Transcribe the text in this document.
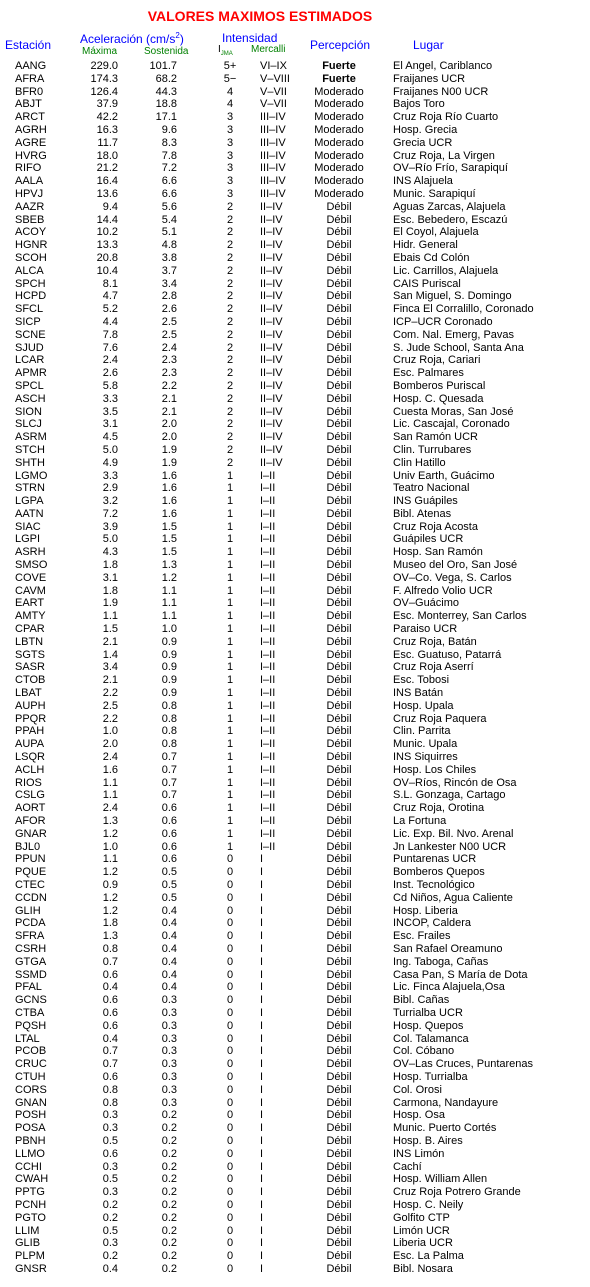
VALORES MAXIMOS ESTIMADOS
Estación Aceleración $(cm/s^2)$
Máxima	Sostenida
Intensidad
$I_{JMA}$ Mercalli Percepción	Lugar
AANG	229.0	101.7	5+	VI–IX	Fuerte	El Angel, Cariblanco
AFRA	174.3	68.2	5−	V–VIII	Fuerte	Fraijanes UCR
BFR0	126.4	44.3	4	V–VII	Moderado	Fraijanes N00 UCR
ABJT	37.9	18.8	4	V–VII	Moderado	Bajos Toro
ARCT	42.2	17.1	3	III–IV	Moderado	Cruz Roja Río Cuarto
AGRH	16.3	9.6	3	III–IV	Moderado	Hosp. Grecia
AGRE	11.7	8.3	3	III–IV	Moderado	Grecia UCR
HVRG	18.0	7.8	3	III–IV	Moderado	Cruz Roja, La Virgen
RIFO	21.2	7.2	3	III–IV	Moderado	OV–Río Frío, Sarapiquí
AALA	16.4	6.6	3	III–IV	Moderado	INS Alajuela
HPVJ	13.6	6.6	3	III–IV	Moderado	Munic. Sarapiquí
AAZR	9.4	5.6	2	II–IV	Débil	Aguas Zarcas, Alajuela
SBEB	14.4	5.4	2	II–IV	Débil	Esc. Bebedero, Escazú
ACOY	10.2	5.1	2	II–IV	Débil	El Coyol, Alajuela
HGNR	13.3	4.8	2	II–IV	Débil	Hidr. General
SCOH	20.8	3.8	2	II–IV	Débil	Ebais Cd Colón
ALCA	10.4	3.7	2	II–IV	Débil	Lic. Carrillos, Alajuela
SPCH	8.1	3.4	2	II–IV	Débil	CAIS Puriscal
HCPD	4.7	2.8	2	II–IV	Débil	San Miguel, S. Domingo
SFCL	5.2	2.6	2	II–IV	Débil	Finca El Corralillo, Coronado
SICP	4.4	2.5	2	II–IV	Débil	ICP–UCR Coronado
SCNE	7.8	2.5	2	II–IV	Débil	Com. Nal. Emerg, Pavas
SJUD	7.6	2.4	2	II–IV	Débil	S. Jude School, Santa Ana
LCAR	2.4	2.3	2	II–IV	Débil	Cruz Roja, Cariari
APMR	2.6	2.3	2	II–IV	Débil	Esc. Palmares
SPCL	5.8	2.2	2	II–IV	Débil	Bomberos Puriscal
ASCH	3.3	2.1	2	II–IV	Débil	Hosp. C. Quesada
SION	3.5	2.1	2	II–IV	Débil	Cuesta Moras, San José
SLCJ	3.1	2.0	2	II–IV	Débil	Lic. Cascajal, Coronado
ASRM	4.5	2.0	2	II–IV	Débil	San Ramón UCR
STCH	5.0	1.9	2	II–IV	Débil	Clin. Turrubares
SHTH	4.9	1.9	2	II–IV	Débil	Clin Hatillo
LGMO	3.3	1.6	1	I–II	Débil	Univ Earth, Guácimo
STRN	2.9	1.6	1	I–II	Débil	Teatro Nacional
LGPA	3.2	1.6	1	I–II	Débil	INS Guápiles
AATN	7.2	1.6	1	I–II	Débil	Bibl. Atenas
SIAC	3.9	1.5	1	I–II	Débil	Cruz Roja Acosta
LGPI	5.0	1.5	1	I–II	Débil	Guápiles UCR
ASRH	4.3	1.5	1	I–II	Débil	Hosp. San Ramón
SMSO	1.8	1.3	1	I–II	Débil	Museo del Oro, San José
COVE	3.1	1.2	1	I–II	Débil	OV–Co. Vega, S. Carlos
CAVM	1.8	1.1	1	I–II	Débil	F. Alfredo Volio UCR
EART	1.9	1.1	1	I–II	Débil	OV–Guácimo
AMTY	1.1	1.1	1	I–II	Débil	Esc. Monterrey, San Carlos
CPAR	1.5	1.0	1	I–II	Débil	Paraiso UCR
LBTN	2.1	0.9	1	I–II	Débil	Cruz Roja, Batán
SGTS	1.4	0.9	1	I–II	Débil	Esc. Guatuso, Patarrá
SASR	3.4	0.9	1	I–II	Débil	Cruz Roja Aserrí
CTOB	2.1	0.9	1	I–II	Débil	Esc. Tobosi
LBAT	2.2	0.9	1	I–II	Débil	INS Batán
AUPH	2.5	0.8	1	I–II	Débil	Hosp. Upala
PPQR	2.2	0.8	1	I–II	Débil	Cruz Roja Paquera
PPAH	1.0	0.8	1	I–II	Débil	Clin. Parrita
AUPA	2.0	0.8	1	I–II	Débil	Munic. Upala
LSQR	2.4	0.7	1	I–II	Débil	INS Siquirres
ACLH	1.6	0.7	1	I–II	Débil	Hosp. Los Chiles
RIOS	1.1	0.7	1	I–II	Débil	OV–Ríos, Rincón de Osa
CSLG	1.1	0.7	1	I–II	Débil	S.L. Gonzaga, Cartago
AORT	2.4	0.6	1	I–II	Débil	Cruz Roja, Orotina
AFOR	1.3	0.6	1	I–II	Débil	La Fortuna
GNAR	1.2	0.6	1	I–II	Débil	Lic. Exp. Bil. Nvo. Arenal
BJL0	1.0	0.6	1	I–II	Débil	Jn Lankester N00 UCR
PPUN	1.1	0.6	0	I	Débil	Puntarenas UCR
PQUE	1.2	0.5	0	I	Débil	Bomberos Quepos
CTEC	0.9	0.5	0	I	Débil	Inst. Tecnológico
CCDN	1.2	0.5	0	I	Débil	Cd Niños, Agua Caliente
GLIH	1.2	0.4	0	I	Débil	Hosp. Liberia
PCDA	1.8	0.4	0	I	Débil	INCOP, Caldera
SFRA	1.3	0.4	0	I	Débil	Esc. Frailes
CSRH	0.8	0.4	0	I	Débil	San Rafael Oreamuno
GTGA	0.7	0.4	0	I	Débil	Ing. Taboga, Cañas
SSMD	0.6	0.4	0	I	Débil	Casa Pan, S María de Dota
PFAL	0.4	0.4	0	I	Débil	Lic. Finca Alajuela,Osa
GCNS	0.6	0.3	0	I	Débil	Bibl. Cañas
CTBA	0.6	0.3	0	I	Débil	Turrialba UCR
PQSH	0.6	0.3	0	I	Débil	Hosp. Quepos
LTAL	0.4	0.3	0	I	Débil	Col. Talamanca
PCOB	0.7	0.3	0	I	Débil	Col. Cóbano
CRUC	0.7	0.3	0	I	Débil	OV–Las Cruces, Puntarenas
CTUH	0.6	0.3	0	I	Débil	Hosp. Turrialba
CORS	0.8	0.3	0	I	Débil	Col. Orosi
GNAN	0.8	0.3	0	I	Débil	Carmona, Nandayure
POSH	0.3	0.2	0	I	Débil	Hosp. Osa
POSA	0.3	0.2	0	I	Débil	Munic. Puerto Cortés
PBNH	0.5	0.2	0	I	Débil	Hosp. B. Aires
LLMO	0.6	0.2	0	I	Débil	INS Limón
CCHI	0.3	0.2	0	I	Débil	Cachí
CWAH	0.5	0.2	0	I	Débil	Hosp. William Allen
PPTG	0.3	0.2	0	I	Débil	Cruz Roja Potrero Grande
PCNH	0.2	0.2	0	I	Débil	Hosp. C. Neily
PGTO	0.2	0.2	0	I	Débil	Golfito CTP
LLIM	0.5	0.2	0	I	Débil	Limón UCR
GLIB	0.3	0.2	0	I	Débil	Liberia UCR
PLPM	0.2	0.2	0	I	Débil	Esc. La Palma
GNSR	0.4	0.2	0	I	Débil	Bibl. Nosara
